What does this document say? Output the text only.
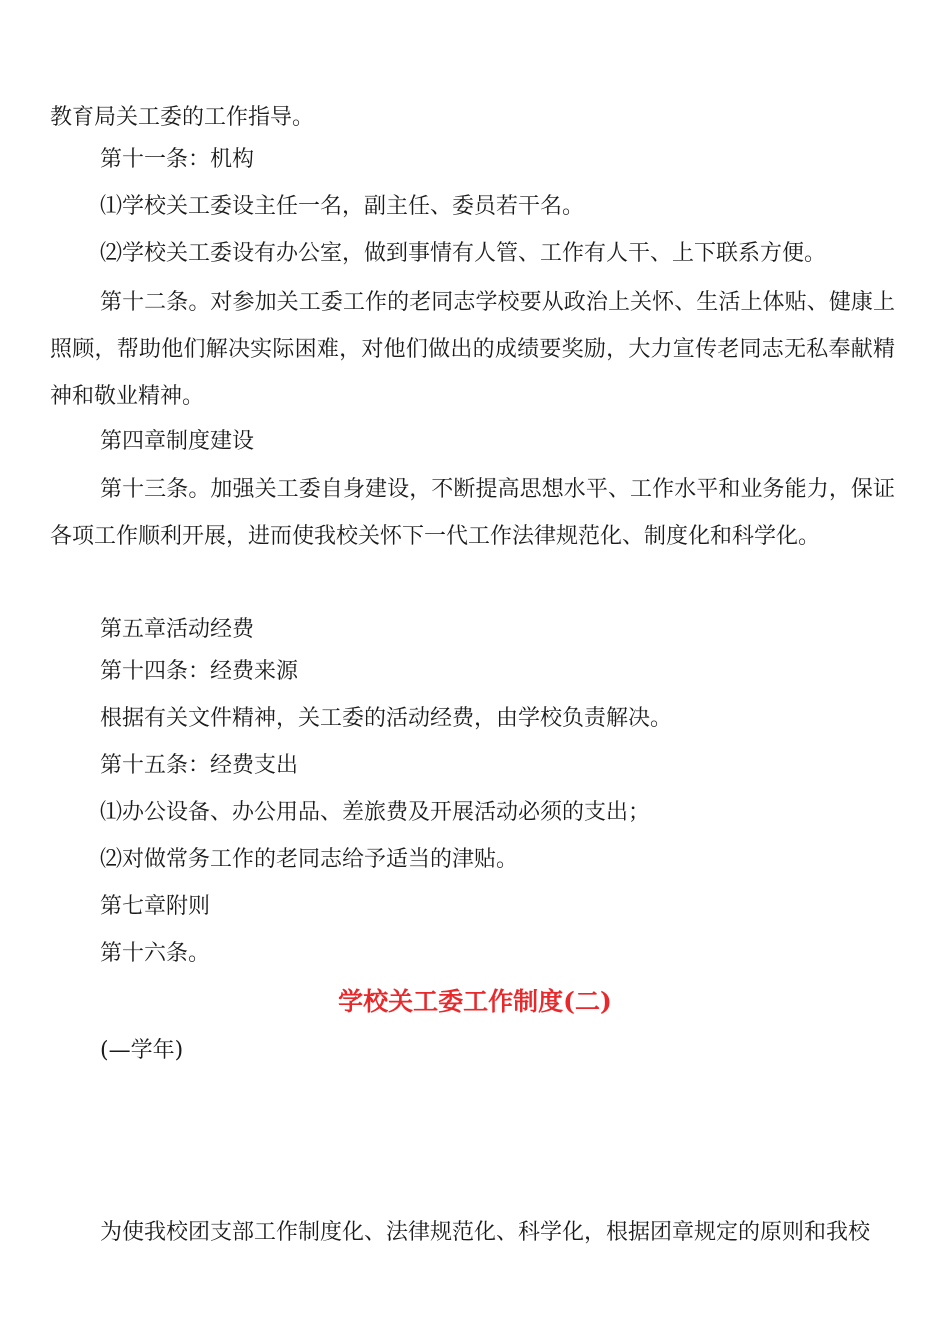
教育局关工委的工作指导。

第十一条：机构

⑴学校关工委设主任一名，副主任、委员若干名。

⑵学校关工委设有办公室，做到事情有人管、工作有人干、上下联系方便。

第十二条。对参加关工委工作的老同志学校要从政治上关怀、生活上体贴、健康上照顾，帮助他们解决实际困难，对他们做出的成绩要奖励，大力宣传老同志无私奉献精神和敬业精神。

第四章制度建设

第十三条。加强关工委自身建设，不断提高思想水平、工作水平和业务能力，保证各项工作顺利开展，进而使我校关怀下一代工作法律规范化、制度化和科学化。

第五章活动经费

第十四条：经费来源

根据有关文件精神，关工委的活动经费，由学校负责解决。

第十五条：经费支出

⑴办公设备、办公用品、差旅费及开展活动必须的支出；

⑵对做常务工作的老同志给予适当的津贴。

第七章附则

第十六条。

学校关工委工作制度(二)

(—学年)

为使我校团支部工作制度化、法律规范化、科学化，根据团章规定的原则和我校
